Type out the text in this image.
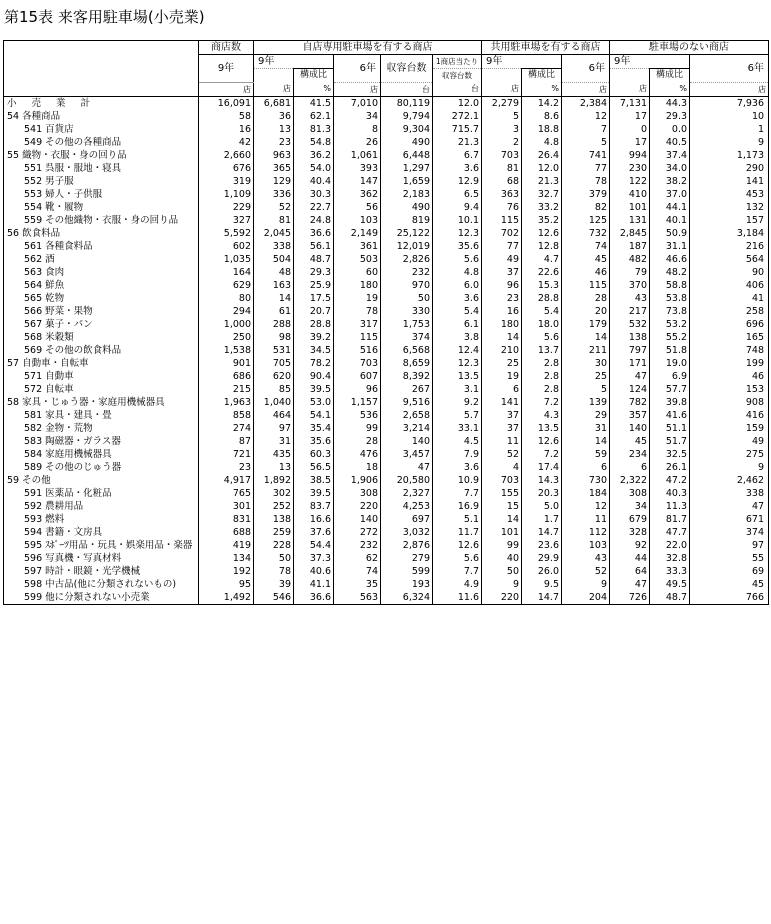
第15表 来客用駐車場(小売業)
	商店数	自店専用駐車場を有する商店					共用駐車場を有する商店			駐車場のない商店		
	9年	9年		6年	収容台数	1商店当たり	9年		6年	9年		6年
			構成比			収容台数		構成比			構成比	
	店	店	%	店	台	台	店	%	店	店	%	店
小 売 業 計	16,091	6,681	41.5	7,010	80,119	12.0	2,279	14.2	2,384	7,131	44.3	7,936
54 各種商品	58	36	62.1	34	9,794	272.1	5	8.6	12	17	29.3	10
541 百貨店	16	13	81.3	8	9,304	715.7	3	18.8	7	0	0.0	1
549 その他の各種商品	42	23	54.8	26	490	21.3	2	4.8	5	17	40.5	9
55 織物・衣服・身の回り品	2,660	963	36.2	1,061	6,448	6.7	703	26.4	741	994	37.4	1,173
551 呉服・服地・寝具	676	365	54.0	393	1,297	3.6	81	12.0	77	230	34.0	290
552 男子服	319	129	40.4	147	1,659	12.9	68	21.3	78	122	38.2	141
553 婦人・子供服	1,109	336	30.3	362	2,183	6.5	363	32.7	379	410	37.0	453
554 靴・履物	229	52	22.7	56	490	9.4	76	33.2	82	101	44.1	132
559 その他織物・衣服・身の回り品	327	81	24.8	103	819	10.1	115	35.2	125	131	40.1	157
56 飲食料品	5,592	2,045	36.6	2,149	25,122	12.3	702	12.6	732	2,845	50.9	3,184
561 各種食料品	602	338	56.1	361	12,019	35.6	77	12.8	74	187	31.1	216
562 酒	1,035	504	48.7	503	2,826	5.6	49	4.7	45	482	46.6	564
563 食肉	164	48	29.3	60	232	4.8	37	22.6	46	79	48.2	90
564 鮮魚	629	163	25.9	180	970	6.0	96	15.3	115	370	58.8	406
565 乾物	80	14	17.5	19	50	3.6	23	28.8	28	43	53.8	41
566 野菜・果物	294	61	20.7	78	330	5.4	16	5.4	20	217	73.8	258
567 菓子・パン	1,000	288	28.8	317	1,753	6.1	180	18.0	179	532	53.2	696
568 米穀類	250	98	39.2	115	374	3.8	14	5.6	14	138	55.2	165
569 その他の飲食料品	1,538	531	34.5	516	6,568	12.4	210	13.7	211	797	51.8	748
57 自動車・自転車	901	705	78.2	703	8,659	12.3	25	2.8	30	171	19.0	199
571 自動車	686	620	90.4	607	8,392	13.5	19	2.8	25	47	6.9	46
572 自転車	215	85	39.5	96	267	3.1	6	2.8	5	124	57.7	153
58 家具・じゅう器・家庭用機械器具	1,963	1,040	53.0	1,157	9,516	9.2	141	7.2	139	782	39.8	908
581 家具・建具・畳	858	464	54.1	536	2,658	5.7	37	4.3	29	357	41.6	416
582 金物・荒物	274	97	35.4	99	3,214	33.1	37	13.5	31	140	51.1	159
583 陶磁器・ガラス器	87	31	35.6	28	140	4.5	11	12.6	14	45	51.7	49
584 家庭用機械器具	721	435	60.3	476	3,457	7.9	52	7.2	59	234	32.5	275
589 その他のじゅう器	23	13	56.5	18	47	3.6	4	17.4	6	6	26.1	9
59 その他	4,917	1,892	38.5	1,906	20,580	10.9	703	14.3	730	2,322	47.2	2,462
591 医薬品・化粧品	765	302	39.5	308	2,327	7.7	155	20.3	184	308	40.3	338
592 農耕用品	301	252	83.7	220	4,253	16.9	15	5.0	12	34	11.3	47
593 燃料	831	138	16.6	140	697	5.1	14	1.7	11	679	81.7	671
594 書籍・文房具	688	259	37.6	272	3,032	11.7	101	14.7	112	328	47.7	374
595 ｽﾎﾟｰﾂ用品・玩具・娯楽用品・楽器	419	228	54.4	232	2,876	12.6	99	23.6	103	92	22.0	97
596 写真機・写真材料	134	50	37.3	62	279	5.6	40	29.9	43	44	32.8	55
597 時計・眼鏡・光学機械	192	78	40.6	74	599	7.7	50	26.0	52	64	33.3	69
598 中古品(他に分類されないもの)	95	39	41.1	35	193	4.9	9	9.5	9	47	49.5	45
599 他に分類されない小売業	1,492	546	36.6	563	6,324	11.6	220	14.7	204	726	48.7	766
